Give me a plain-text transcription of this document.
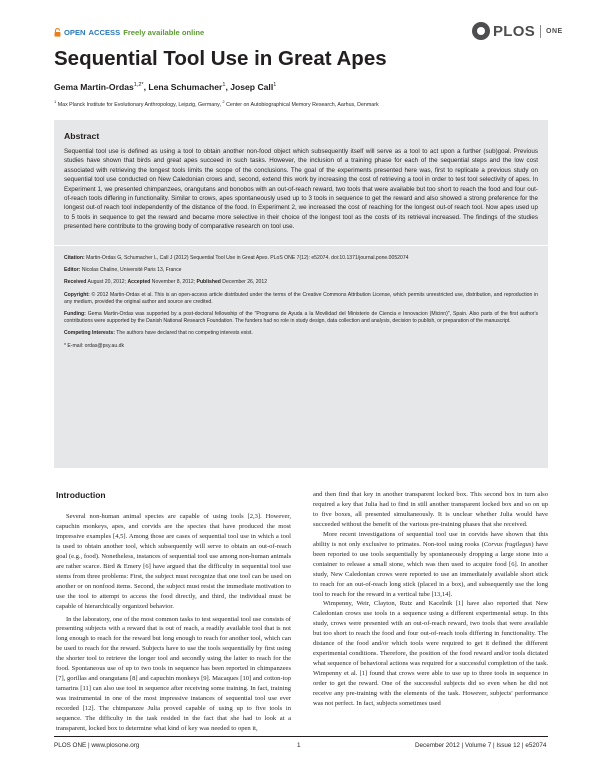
OPEN ACCESS Freely available online	PLOS ONE
Sequential Tool Use in Great Apes
Gema Martin-Ordas$^{1,2*}$, Lena Schumacher$^1$, Josep Call$^1$
$^1$ Max Planck Institute for Evolutionary Anthropology, Leipzig, Germany, $^2$ Center on Autobiographical Memory Research, Aarhus, Denmark
Abstract

Sequential tool use is defined as using a tool to obtain another non-food object which subsequently itself will serve as a tool to act upon a further (sub)goal. Previous studies have shown that birds and great apes succeed in such tasks. However, the inclusion of a training phase for each of the sequential steps and the low cost associated with retrieving the longest tools limits the scope of the conclusions. The goal of the experiments presented here was, first to replicate a previous study on sequential tool use conducted on New Caledonian crows and, second, extend this work by increasing the cost of retrieving a tool in order to test tool selectivity of apes. In Experiment 1, we presented chimpanzees, orangutans and bonobos with an out-of-reach reward, two tools that were available but too short to reach the food and four out-of-reach tools differing in functionality. Similar to crows, apes spontaneously used up to 3 tools in sequence to get the reward and also showed a strong preference for the longest out-of reach tool independently of the distance of the food. In Experiment 2, we increased the cost of reaching for the longest out-of reach tool. Now apes used up to 5 tools in sequence to get the reward and became more selective in their choice of the longest tool as the costs of its retrieval increased. The findings of the studies presented here contribute to the growing body of comparative research on tool use.

Citation: Martin-Ordas G, Schumacher L, Call J (2012) Sequential Tool Use in Great Apes. PLoS ONE 7(12): e52074. doi:10.1371/journal.pone.0052074

Editor: Nicolas Chaline, Université Paris 13, France

Received August 20, 2012; Accepted November 8, 2012; Published December 26, 2012

Copyright: © 2012 Martin-Ordas et al. This is an open-access article distributed under the terms of the Creative Commons Attribution License, which permits unrestricted use, distribution, and reproduction in any medium, provided the original author and source are credited.

Funding: Gema Martin-Ordas was supported by a post-doctoral fellowship of the "Programa de Ayuda a la Movilidad del Ministerio de Ciencia e Innovacion (Micinn)", Spain. Also parts of the first author's contributions were supported by the Danish National Research Foundation. The funders had no role in study design, data collection and analysis, decision to publish, or preparation of the manuscript.

Competing Interests: The authors have declared that no competing interests exist.

* E-mail: ordas@psy.au.dk

Introduction

Several non-human animal species are capable of using tools [2,3]. However, capuchin monkeys, apes, and corvids are the species that have produced the most impressive examples [4,5]. Among those are cases of sequential tool use in which a tool is used to obtain another tool, which subsequently will serve to obtain an out-of-reach goal (e.g., food). Nonetheless, instances of sequential tool use among non-human animals are rather scarce. Bird & Emery [6] have argued that the difficulty in sequential tool use stems from three problems: First, the subject must recognize that one tool can be used on another or on nonfood items. Second, the subject must resist the immediate motivation to use the tool to attempt to access the food directly, and third, the individual must be capable of hierarchically organized behavior.

In the laboratory, one of the most common tasks to test sequential tool use consists of presenting subjects with a reward that is out of reach, a readily available tool that is not long enough to reach for the reward but long enough to reach for another tool, which can be used to reach for the reward. Subjects have to use the tools sequentially by first using the shorter tool to retrieve the longer tool and secondly using the latter to reach for the food. Spontaneous use of up to two tools in sequence has been reported in chimpanzees [7], gorillas and orangutans [8] and capuchin monkeys [9]. Macaques [10] and cotton-top tamarins [11] can also use tool in sequence after receiving some training. In fact, training was instrumental in one of the most impressive instances of sequential tool use ever recorded [12]. The chimpanzee Julia proved capable of using up to five tools in sequence. The difficulty in the task resided in the fact that she had to look at a transparent, locked box to determine what kind of key was needed to open it,

and then find that key in another transparent locked box. This second box in turn also required a key that Julia had to find in still another transparent locked box and so on up to five boxes, all presented simultaneously. It is unclear whether Julia would have succeeded without the benefit of the various pre-training phases that she received.

More recent investigations of sequential tool use in corvids have shown that this ability is not only exclusive to primates. Non-tool using rooks (Corvus frugilegus) have been reported to use tools sequentially by spontaneously dropping a large stone into a container to release a small stone, which was then used to acquire food [6]. In another study, New Caledonian crows were reported to use an immediately available short stick to reach for an out-of-reach long stick (placed in a box), and subsequently use the long tool to reach for the reward in a vertical tube [13,14].

Wimpenny, Weir, Clayton, Rutz and Kacelnik [1] have also reported that New Caledonian crows use tools in a sequence using a different experimental setup. In this study, crows were presented with an out-of-reach reward, two tools that were available but too short to reach the food and four out-of-reach tools differing in functionality. The distance of the food and/or which tools were required to get it defined the different experimental conditions. Therefore, the position of the food reward and/or tools dictated what sequence of behavioral actions was required for a successful completion of the task. Wimpenny et al. [1] found that crows were able to use up to three tools in sequence in order to get the reward. One of the successful subjects did so even when he did not receive any pre-training with the elements of the task. However, subjects' performance was not perfect. In fact, subjects sometimes used

PLOS ONE | www.plosone.org	1	December 2012 | Volume 7 | Issue 12 | e52074
